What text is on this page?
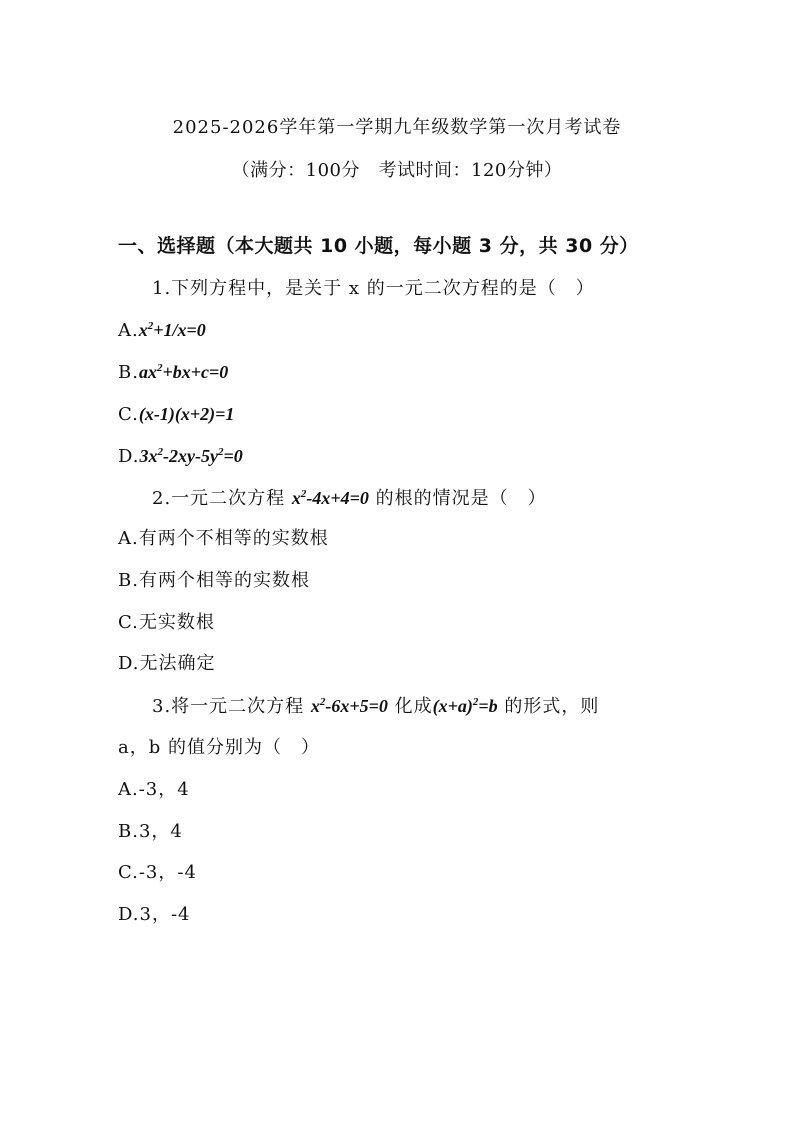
2025-2026学年第一学期九年级数学第一次月考试卷
（满分：100分　考试时间：120分钟）
一、选择题（本大题共 10 小题，每小题 3 分，共 30 分）
1.下列方程中，是关于 x 的一元二次方程的是（　）
$A.x^2+1/x=0$
$B.ax^2+bx+c=0$
C.(x-1)(x+2)=1
$D.3x^2-2xy-5y^2=0$
2.一元二次方程 $x^2-4x+4=0$ 的根的情况是（　）
A.有两个不相等的实数根
B.有两个相等的实数根
C.无实数根
D.无法确定
3.将一元二次方程 $x^2-6x+5=0$ 化成$(x+a)^2=b$ 的形式，则
a，b 的值分别为（　）
A.-3，4
B.3，4
C.-3，-4
D.3，-4
